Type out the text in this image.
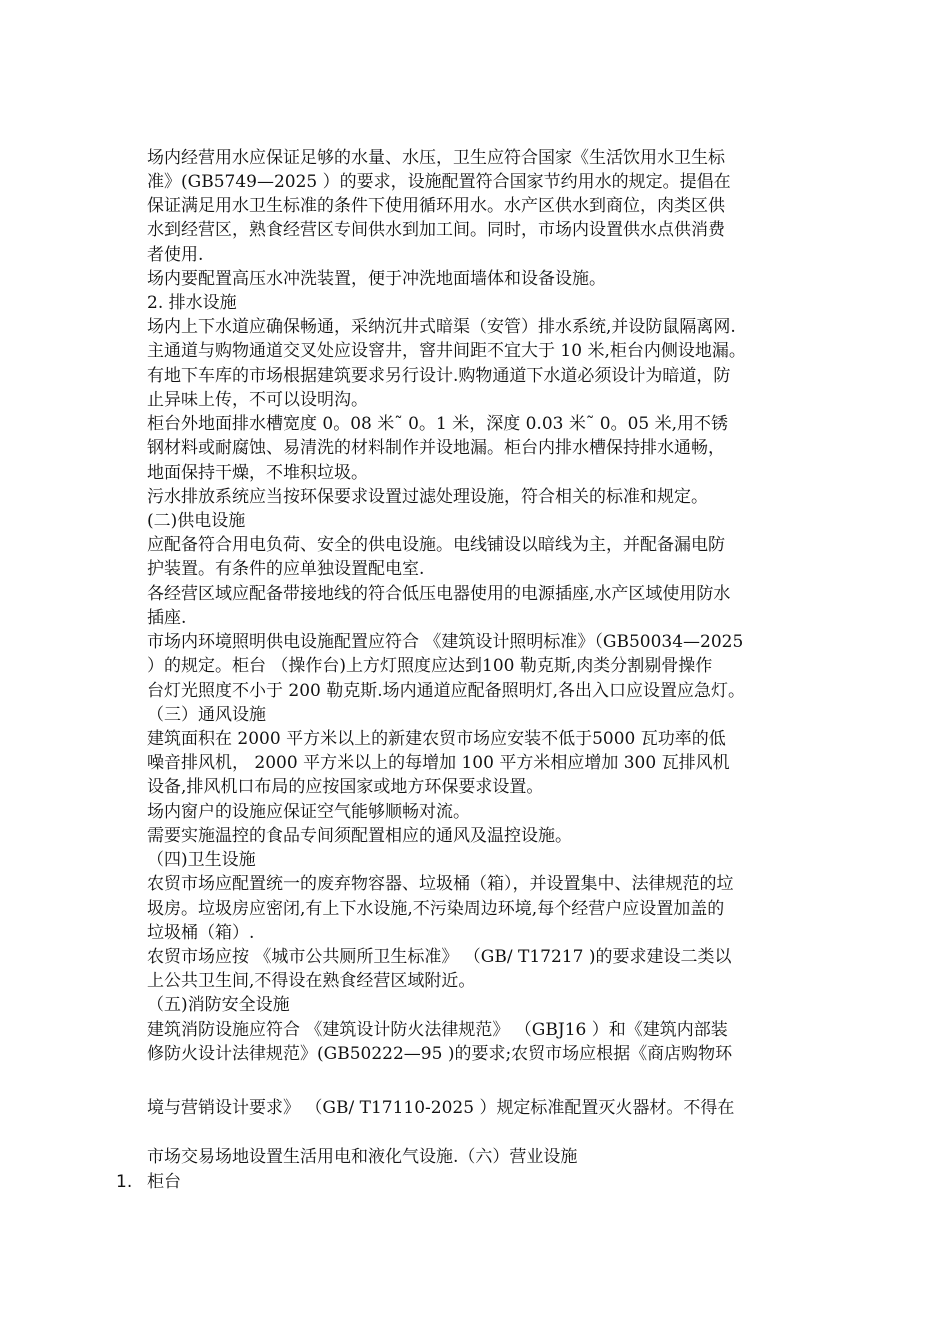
场内经营用水应保证足够的水量、水压，卫生应符合国家《生活饮用水卫生标
准》(GB5749—2025 ）的要求，设施配置符合国家节约用水的规定。提倡在
保证满足用水卫生标准的条件下使用循环用水。水产区供水到商位，肉类区供
水到经营区，熟食经营区专间供水到加工间。同时，市场内设置供水点供消费
者使用.
场内要配置高压水冲洗装置，便于冲洗地面墙体和设备设施。
2. 排水设施
场内上下水道应确保畅通，采纳沉井式暗渠（安管）排水系统,并设防鼠隔离网.
主通道与购物通道交叉处应设窨井，窨井间距不宜大于 10 米,柜台内侧设地漏。
有地下车库的市场根据建筑要求另行设计.购物通道下水道必须设计为暗道，防
止异味上传，不可以设明沟。
柜台外地面排水槽宽度 0。08 米˜ 0。1 米，深度 0.03 米˜ 0。05 米,用不锈
钢材料或耐腐蚀、易清洗的材料制作并设地漏。柜台内排水槽保持排水通畅，
地面保持干燥，不堆积垃圾。
污水排放系统应当按环保要求设置过滤处理设施，符合相关的标准和规定。
(二)供电设施
应配备符合用电负荷、安全的供电设施。电线铺设以暗线为主，并配备漏电防
护装置。有条件的应单独设置配电室.
各经营区域应配备带接地线的符合低压电器使用的电源插座,水产区域使用防水
插座.
市场内环境照明供电设施配置应符合 《建筑设计照明标准》（GB50034—2025
）的规定。柜台 （操作台)上方灯照度应达到100 勒克斯,肉类分割剔骨操作
台灯光照度不小于 200 勒克斯.场内通道应配备照明灯,各出入口应设置应急灯。
（三）通风设施
建筑面积在 2000 平方米以上的新建农贸市场应安装不低于5000 瓦功率的低
噪音排风机， 2000 平方米以上的每增加 100 平方米相应增加 300 瓦排风机
设备,排风机口布局的应按国家或地方环保要求设置。
场内窗户的设施应保证空气能够顺畅对流。
需要实施温控的食品专间须配置相应的通风及温控设施。
（四)卫生设施
农贸市场应配置统一的废弃物容器、垃圾桶（箱），并设置集中、法律规范的垃
圾房。垃圾房应密闭,有上下水设施,不污染周边环境,每个经营户应设置加盖的
垃圾桶（箱）.
农贸市场应按 《城市公共厕所卫生标准》 （GB/ T17217 )的要求建设二类以
上公共卫生间,不得设在熟食经营区域附近。
（五)消防安全设施
建筑消防设施应符合 《建筑设计防火法律规范》 （GBJ16 ）和《建筑内部装
修防火设计法律规范》(GB50222—95 )的要求;农贸市场应根据《商店购物环
境与营销设计要求》 （GB/ T17110-2025 ）规定标准配置灭火器材。不得在
市场交易场地设置生活用电和液化气设施.（六）营业设施
1. 柜台
